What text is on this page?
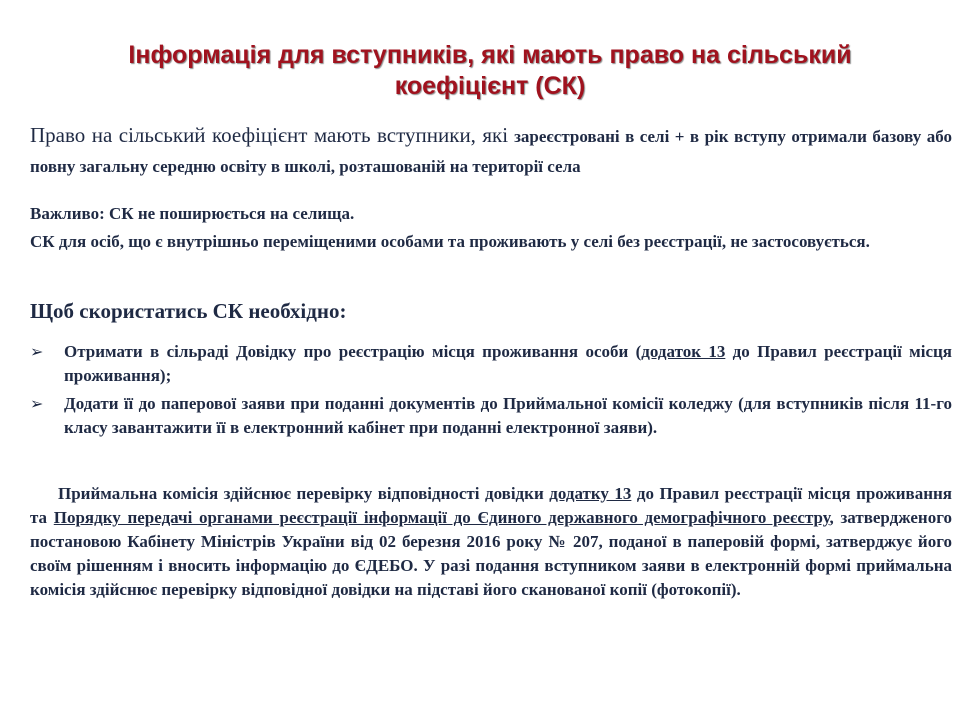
Інформація для вступників, які мають право на сільський коефіцієнт (СК)
Право на сільський коефіцієнт мають вступники, які зареєстровані в селі + в рік вступу отримали базову або повну загальну середню освіту в школі, розташованій на території села

Важливо: СК не поширюється на селища.

СК для осіб, що є внутрішньо переміщеними особами та проживають у селі без реєстрації, не застосовується.

Щоб скористатись СК необхідно:
➢ Отримати в сільраді Довідку про реєстрацію місця проживання особи (додаток 13 до Правил реєстрації місця проживання);
➢ Додати її до паперової заяви при поданні документів до Приймальної комісії коледжу (для вступників після 11-го класу завантажити її в електронний кабінет при поданні електронної заяви).

Приймальна комісія здійснює перевірку відповідності довідки додатку 13 до Правил реєстрації місця проживання та Порядку передачі органами реєстрації інформації до Єдиного державного демографічного реєстру, затвердженого постановою Кабінету Міністрів України від 02 березня 2016 року № 207, поданої в паперовій формі, затверджує його своїм рішенням і вносить інформацію до ЄДЕБО. У разі подання вступником заяви в електронній формі приймальна комісія здійснює перевірку відповідної довідки на підставі його сканованої копії (фотокопії).
